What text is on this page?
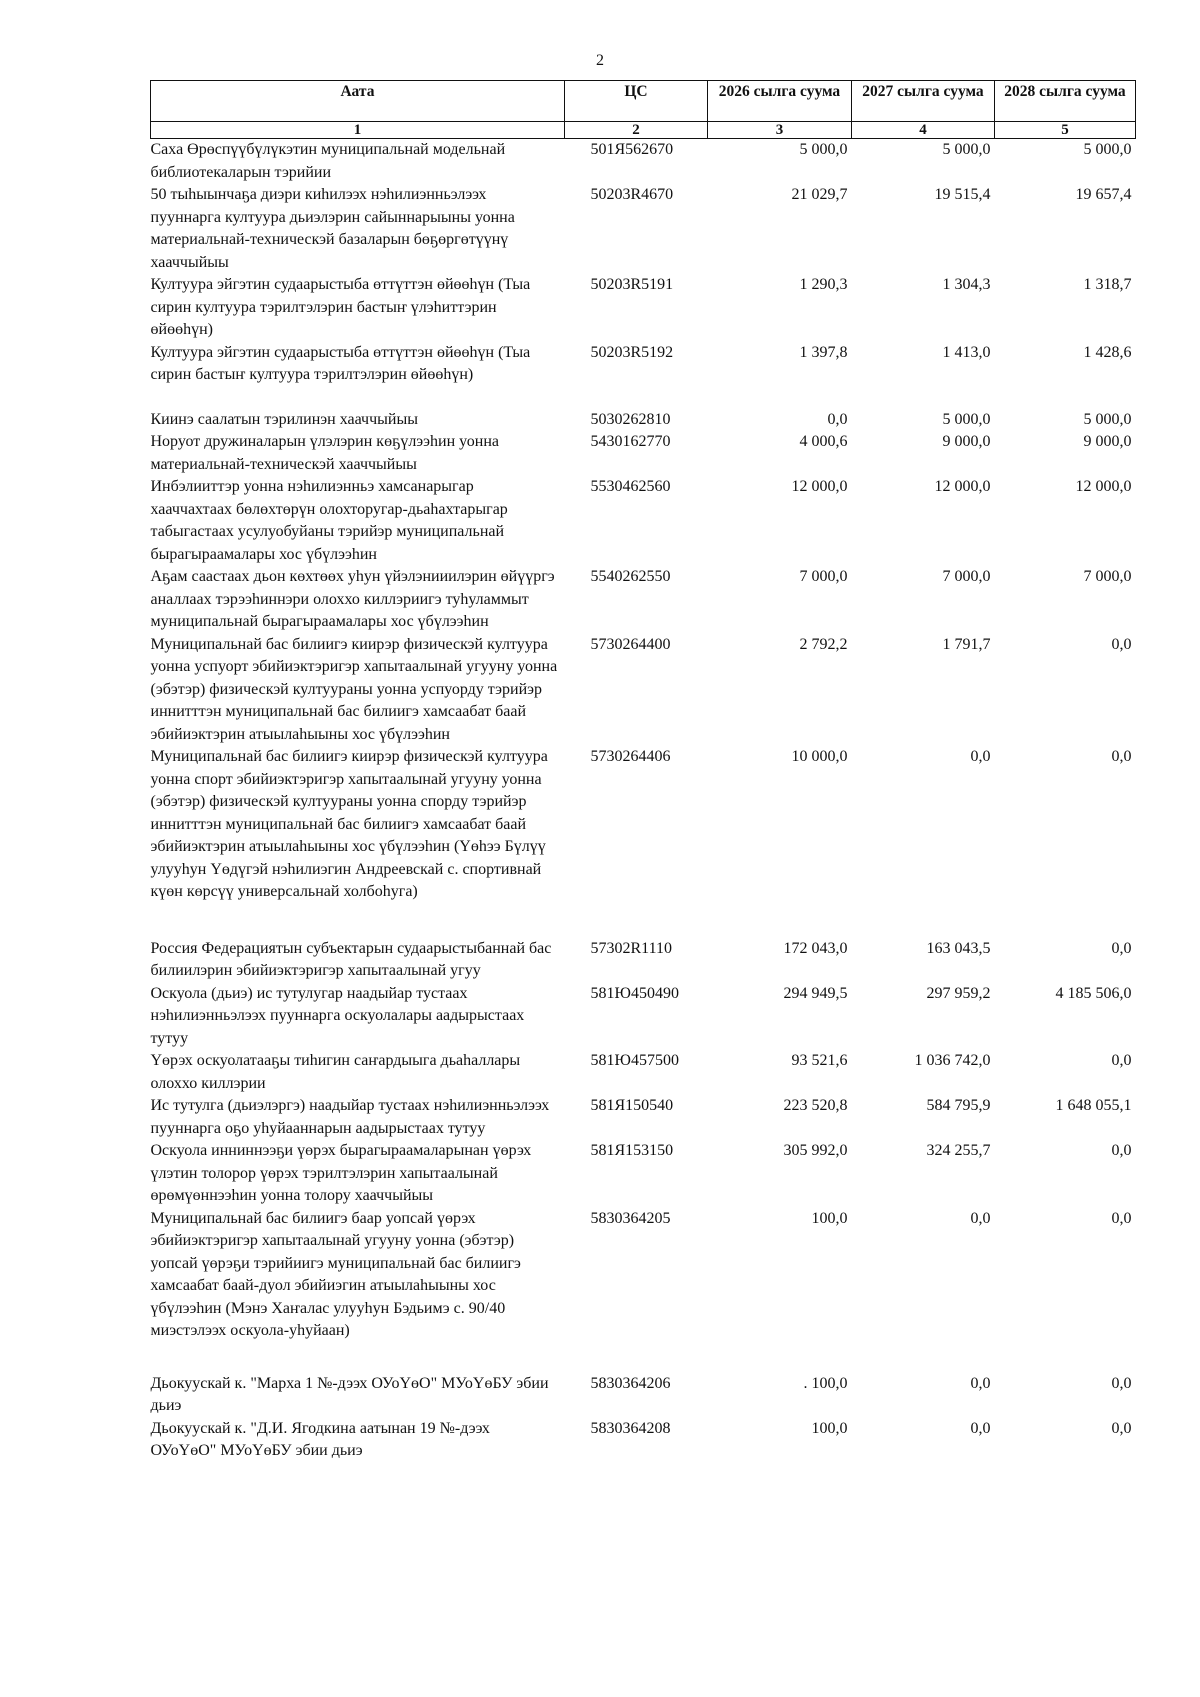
2
Аата	ЦС	2026 сылга суума	2027 сылга суума	2028 сылга суума
1	2	3	4	5
Саха Өрөспүүбүлүкэтин муниципальнай модельнай библиотекаларын тэрийии	501Я562670	5 000,0	5 000,0	5 000,0
50 тыһыынчаҕа диэри киһилээх нэһилиэнньэлээх пууннарга култуура дьиэлэрин сайыннарыыны уонна материальнай-техническэй базаларын бөҕөргөтүүнү хааччыйыы	50203R4670	21 029,7	19 515,4	19 657,4
Култуура эйгэтин судаарыстыба өттүттэн өйөөһүн (Тыа сирин култуура тэрилтэлэрин бастыҥ үлэһиттэрин өйөөһүн)	50203R5191	1 290,3	1 304,3	1 318,7
Култуура эйгэтин судаарыстыба өттүттэн өйөөһүн (Тыа сирин бастыҥ култуура тэрилтэлэрин өйөөһүн)	50203R5192	1 397,8	1 413,0	1 428,6

Киинэ саалатын тэрилинэн хааччыйыы	5030262810	0,0	5 000,0	5 000,0
Норуот дружиналарын үлэлэрин көҕүлээһин уонна материальнай-техническэй хааччыйыы	5430162770	4 000,6	9 000,0	9 000,0
Инбэлииттэр уонна нэһилиэнньэ хамсанарыгар хааччахтаах бөлөхтөрүн олохторугар-дьаһахтарыгар табыгастаах усулуобуйаны тэрийэр муниципальнай бырагыраамалары хос үбүлээһин	5530462560	12 000,0	12 000,0	12 000,0
Аҕам саастаах дьон көхтөөх уһун үйэлэнииилэрин өйүүргэ аналлаах тэрээһиннэри олоххо киллэриигэ туһуламмыт муниципальнай бырагыраамалары хос үбүлээһин	5540262550	7 000,0	7 000,0	7 000,0
Муниципальнай бас билиигэ киирэр физическэй култуура уонна успуорт эбийиэктэригэр хапытаалынай угууну уонна (эбэтэр) физическэй култуураны уонна успуорду тэрийэр иннитттэн муниципальнай бас билиигэ хамсаабат баай эбийиэктэрин атыылаһыыны хос үбүлээһин	5730264400	2 792,2	1 791,7	0,0
Муниципальнай бас билиигэ киирэр физическэй култуура уонна спорт эбийиэктэригэр хапытаалынай угууну уонна (эбэтэр) физическэй култуураны уонна спорду тэрийэр иннитттэн муниципальнай бас билиигэ хамсаабат баай эбийиэктэрин атыылаһыыны хос үбүлээһин (Үөһээ Бүлүү улууһун Үөдүгэй нэһилиэгин Андреевскай с. спортивнай күөн көрсүү универсальнай холбоһуга)	5730264406	10 000,0	0,0	0,0

Россия Федерациятын субъектарын судаарыстыбаннай бас билиилэрин эбийиэктэригэр хапытаалынай угуу	57302R1110	172 043,0	163 043,5	0,0
Оскуола (дьиэ) ис тутулугар наадыйар тустаах нэһилиэнньэлээх пууннарга оскуолалары аадырыстаах тутуу	581Ю450490	294 949,5	297 959,2	4 185 506,0
Үөрэх оскуолатааҕы тиһигин саҥардыыга дьаһаллары олоххо киллэрии	581Ю457500	93 521,6	1 036 742,0	0,0
Ис тутулга (дьиэлэргэ) наадыйар тустаах нэһилиэнньэлээх пууннарга оҕо уһуйааннарын аадырыстаах тутуу	581Я150540	223 520,8	584 795,9	1 648 055,1
Оскуола инниннээҕи үөрэх бырагыраамаларынан үөрэх үлэтин толорор үөрэх тэрилтэлэрин хапытаалынай өрөмүөннээһин уонна толору хааччыйыы	581Я153150	305 992,0	324 255,7	0,0
Муниципальнай бас билиигэ баар уопсай үөрэх эбийиэктэригэр хапытаалынай угууну уонна (эбэтэр) уопсай үөрэҕи тэрийиигэ муниципальнай бас билиигэ хамсаабат баай-дуол эбийиэгин атыылаһыыны хос үбүлээһин (Мэнэ Хаҥалас улууһун Бэдьимэ с. 90/40 миэстэлээх оскуола-уһуйаан)	5830364205	100,0	0,0	0,0

Дьокуускай к. "Марха 1 №-дээх ОУоҮөО" МУоҮөБУ эбии дьиэ	5830364206	. 100,0	0,0	0,0
Дьокуускай к. "Д.И. Ягодкина аатынан 19 №-дээх ОУоҮөО" МУоҮөБУ эбии дьиэ	5830364208	100,0	0,0	0,0
